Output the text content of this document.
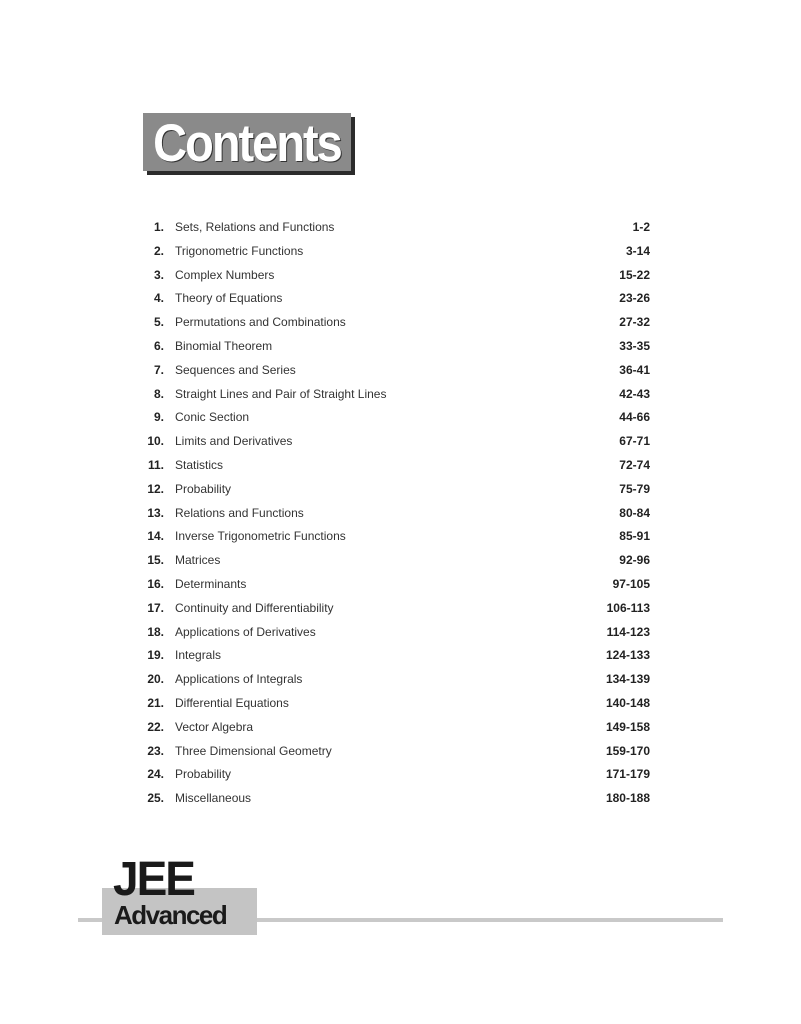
Contents
1. Sets, Relations and Functions	1-2
2. Trigonometric Functions	3-14
3. Complex Numbers	15-22
4. Theory of Equations	23-26
5. Permutations and Combinations	27-32
6. Binomial Theorem	33-35
7. Sequences and Series	36-41
8. Straight Lines and Pair of Straight Lines	42-43
9. Conic Section	44-66
10. Limits and Derivatives	67-71
11. Statistics	72-74
12. Probability	75-79
13. Relations and Functions	80-84
14. Inverse Trigonometric Functions	85-91
15. Matrices	92-96
16. Determinants	97-105
17. Continuity and Differentiability	106-113
18. Applications of Derivatives	114-123
19. Integrals	124-133
20. Applications of Integrals	134-139
21. Differential Equations	140-148
22. Vector Algebra	149-158
23. Three Dimensional Geometry	159-170
24. Probability	171-179
25. Miscellaneous	180-188
JEE
Advanced
